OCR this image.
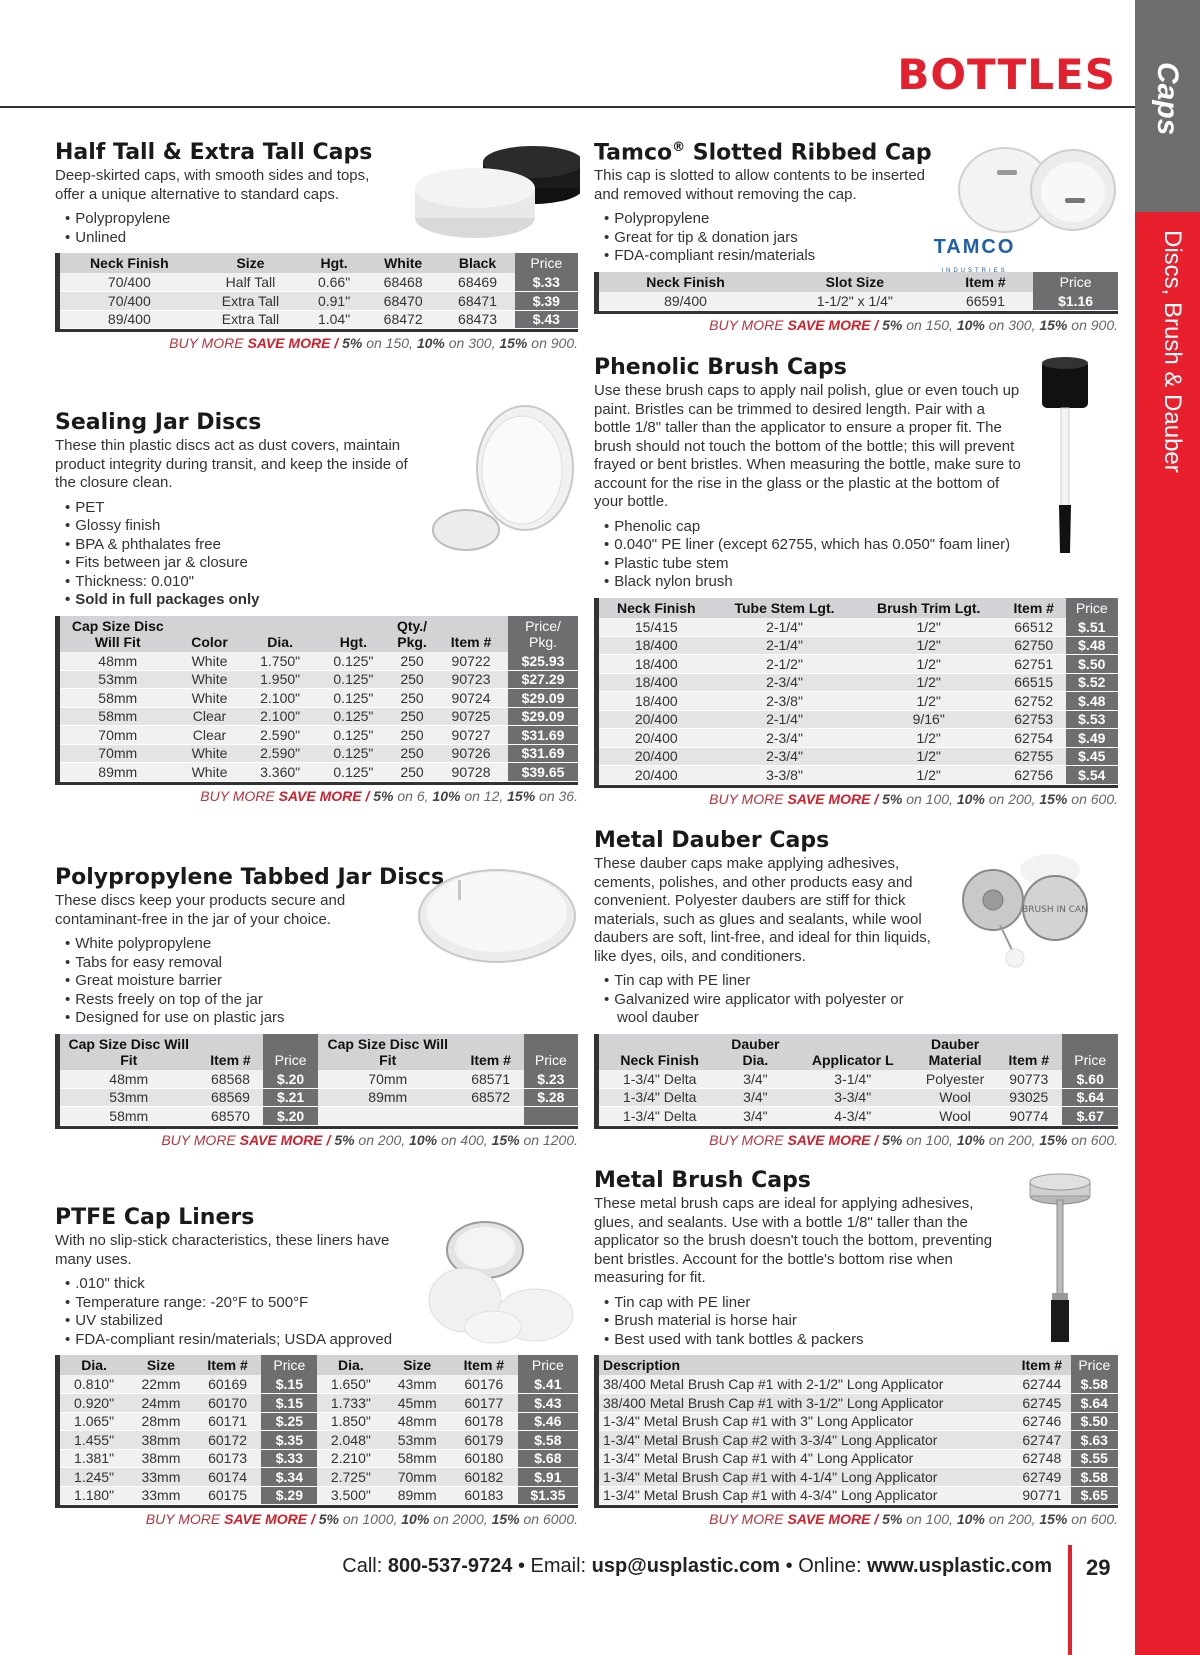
BOTTLES Caps
Discs, Brush & Dauber
Half Tall & Extra Tall Caps

Deep-skirted caps, with smooth sides and tops, offer a unique alternative to standard caps.

• Polypropylene
• Unlined
Neck Finish	Size	Hgt.	White	Black	Price
70/400	Half Tall	0.66"	68468	68469	$.33
70/400	Extra Tall	0.91"	68470	68471	$.39
89/400	Extra Tall	1.04"	68472	68473	$.43
BUY MORE SAVE MORE / 5% on 150, 10% on 300, 15% on 900.
Sealing Jar Discs

These thin plastic discs act as dust covers, maintain product integrity during transit, and keep the inside of the closure clean.

• PET
• Glossy finish
• BPA & phthalates free
• Fits between jar & closure
• Thickness: 0.010"
• Sold in full packages only
Cap Size Disc Will Fit	Color	Dia.	Hgt.	Qty./ Pkg.	Item #	Price/ Pkg.
48mm	White	1.750"	0.125"	250	90722	$25.93
53mm	White	1.950"	0.125"	250	90723	$27.29
58mm	White	2.100"	0.125"	250	90724	$29.09
58mm	Clear	2.100"	0.125"	250	90725	$29.09
70mm	Clear	2.590"	0.125"	250	90727	$31.69
70mm	White	2.590"	0.125"	250	90726	$31.69
89mm	White	3.360"	0.125"	250	90728	$39.65
BUY MORE SAVE MORE / 5% on 6, 10% on 12, 15% on 36.
Polypropylene Tabbed Jar Discs

These discs keep your products secure and contaminant-free in the jar of your choice.

• White polypropylene
• Tabs for easy removal
• Great moisture barrier
• Rests freely on top of the jar
• Designed for use on plastic jars
Cap Size Disc Will Fit	Item #	Price	Cap Size Disc Will Fit	Item #	Price
48mm	68568	$.20	70mm	68571	$.23
53mm	68569	$.21	89mm	68572	$.28
58mm	68570	$.20			
BUY MORE SAVE MORE / 5% on 200, 10% on 400, 15% on 1200.
PTFE Cap Liners

With no slip-stick characteristics, these liners have many uses.

• .010" thick
• Temperature range: -20°F to 500°F
• UV stabilized
• FDA-compliant resin/materials; USDA approved
Dia.	Size	Item #	Price	Dia.	Size	Item #	Price
0.810"	22mm	60169	$.15	1.650"	43mm	60176	$.41
0.920"	24mm	60170	$.15	1.733"	45mm	60177	$.43
1.065"	28mm	60171	$.25	1.850"	48mm	60178	$.46
1.455"	38mm	60172	$.35	2.048"	53mm	60179	$.58
1.381"	38mm	60173	$.33	2.210"	58mm	60180	$.68
1.245"	33mm	60174	$.34	2.725"	70mm	60182	$.91
1.180"	33mm	60175	$.29	3.500"	89mm	60183	$1.35
BUY MORE SAVE MORE / 5% on 1000, 10% on 2000, 15% on 6000.
Tamco® Slotted Ribbed Cap

This cap is slotted to allow contents to be inserted and removed without removing the cap.

• Polypropylene
• Great for tip & donation jars
• FDA-compliant resin/materials
Neck Finish	Slot Size	Item #	Price
89/400	1-1/2" x 1/4"	66591	$1.16
BUY MORE SAVE MORE / 5% on 150, 10% on 300, 15% on 900.
TAMCO
INDUSTRIES
Phenolic Brush Caps

Use these brush caps to apply nail polish, glue or even touch up paint. Bristles can be trimmed to desired length. Pair with a bottle 1/8" taller than the applicator to ensure a proper fit. The brush should not touch the bottom of the bottle; this will prevent frayed or bent bristles. When measuring the bottle, make sure to account for the rise in the glass or the plastic at the bottom of your bottle.

• Phenolic cap
• 0.040" PE liner (except 62755, which has 0.050" foam liner)
• Plastic tube stem
• Black nylon brush
Neck Finish	Tube Stem Lgt.	Brush Trim Lgt.	Item #	Price
15/415	2-1/4"	1/2"	66512	$.51
18/400	2-1/4"	1/2"	62750	$.48
18/400	2-1/2"	1/2"	62751	$.50
18/400	2-3/4"	1/2"	66515	$.52
18/400	2-3/8"	1/2"	62752	$.48
20/400	2-1/4"	9/16"	62753	$.53
20/400	2-3/4"	1/2"	62754	$.49
20/400	2-3/4"	1/2"	62755	$.45
20/400	3-3/8"	1/2"	62756	$.54
BUY MORE SAVE MORE / 5% on 100, 10% on 200, 15% on 600.
Metal Dauber Caps

These dauber caps make applying adhesives, cements, polishes, and other products easy and convenient. Polyester daubers are stiff for thick materials, such as glues and sealants, while wool daubers are soft, lint-free, and ideal for thin liquids, like dyes, oils, and conditioners.

• Tin cap with PE liner
• Galvanized wire applicator with polyester or
wool dauber
Neck Finish	Dauber Dia.	Applicator L	Dauber Material	Item #	Price
1-3/4" Delta	3/4"	3-1/4"	Polyester	90773	$.60
1-3/4" Delta	3/4"	3-3/4"	Wool	93025	$.64
1-3/4" Delta	3/4"	4-3/4"	Wool	90774	$.67
BUY MORE SAVE MORE / 5% on 100, 10% on 200, 15% on 600.
BRUSH IN CAN
Metal Brush Caps

These metal brush caps are ideal for applying adhesives, glues, and sealants. Use with a bottle 1/8" taller than the applicator so the brush doesn't touch the bottom, preventing bent bristles. Account for the bottle's bottom rise when measuring for fit.

• Tin cap with PE liner
• Brush material is horse hair
• Best used with tank bottles & packers
Description	Item #	Price
38/400 Metal Brush Cap #1 with 2-1/2" Long Applicator	62744	$.58
38/400 Metal Brush Cap #1 with 3-1/2" Long Applicator	62745	$.64
1-3/4" Metal Brush Cap #1 with 3" Long Applicator	62746	$.50
1-3/4" Metal Brush Cap #2 with 3-3/4" Long Applicator	62747	$.63
1-3/4" Metal Brush Cap #1 with 4" Long Applicator	62748	$.55
1-3/4" Metal Brush Cap #1 with 4-1/4" Long Applicator	62749	$.58
1-3/4" Metal Brush Cap #1 with 4-3/4" Long Applicator	90771	$.65
BUY MORE SAVE MORE / 5% on 100, 10% on 200, 15% on 600.
Call: 800-537-9724 • Email: usp@usplastic.com • Online: www.usplastic.com 29
